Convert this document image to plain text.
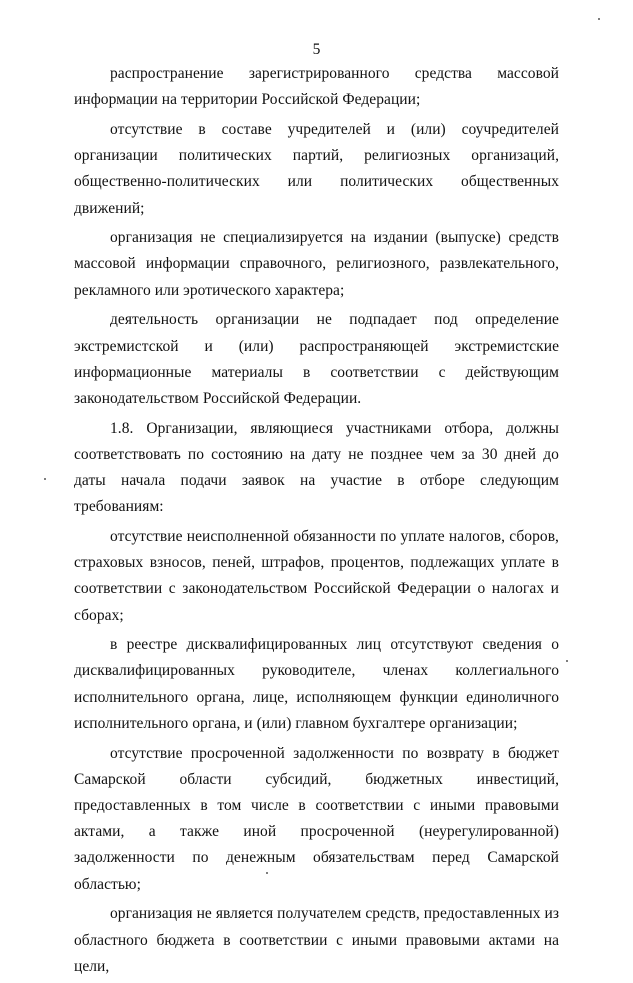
5

распространение зарегистрированного средства массовой информации на территории Российской Федерации;

отсутствие в составе учредителей и (или) соучредителей организации политических партий, религиозных организаций, общественно-политических или политических общественных движений;

организация не специализируется на издании (выпуске) средств массовой информации справочного, религиозного, развлекательного, рекламного или эротического характера;

деятельность организации не подпадает под определение экстремистской и (или) распространяющей экстремистские информационные материалы в соответствии с действующим законодательством Российской Федерации.

1.8. Организации, являющиеся участниками отбора, должны соответствовать по состоянию на дату не позднее чем за 30 дней до даты начала подачи заявок на участие в отборе следующим требованиям:

отсутствие неисполненной обязанности по уплате налогов, сборов, страховых взносов, пеней, штрафов, процентов, подлежащих уплате в соответствии с законодательством Российской Федерации о налогах и сборах;

в реестре дисквалифицированных лиц отсутствуют сведения о дисквалифицированных руководителе, членах коллегиального исполнительного органа, лице, исполняющем функции единоличного исполнительного органа, и (или) главном бухгалтере организации;

отсутствие просроченной задолженности по возврату в бюджет Самарской области субсидий, бюджетных инвестиций, предоставленных в том числе в соответствии с иными правовыми актами, а также иной просроченной (неурегулированной) задолженности по денежным обязательствам перед Самарской областью;

организация не является получателем средств, предоставленных из областного бюджета в соответствии с иными правовыми актами на цели,
